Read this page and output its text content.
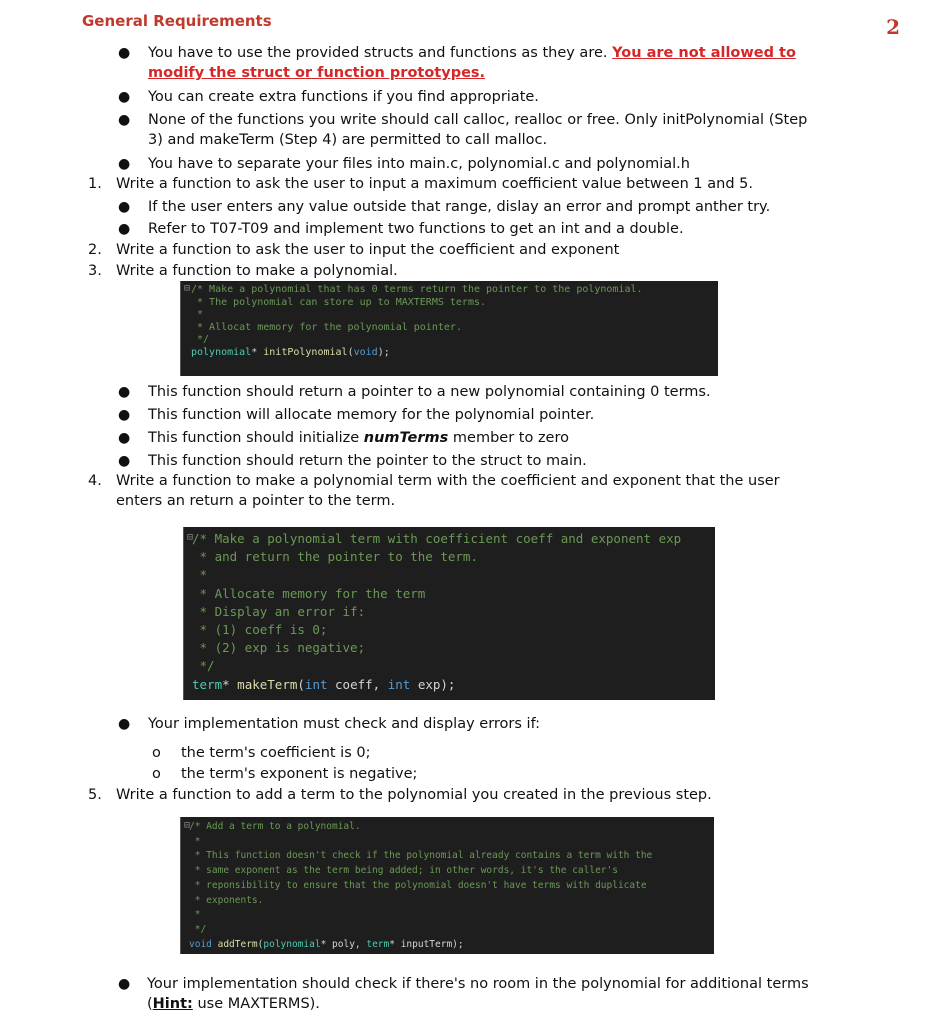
General Requirements	2
● You have to use the provided structs and functions as they are. You are not allowed to
modify the struct or function prototypes.
● You can create extra functions if you find appropriate.
● None of the functions you write should call calloc, realloc or free. Only initPolynomial (Step
3) and makeTerm (Step 4) are permitted to call malloc.
● You have to separate your files into main.c, polynomial.c and polynomial.h
1. Write a function to ask the user to input a maximum coefficient value between 1 and 5.
● If the user enters any value outside that range, dislay an error and prompt anther try.
● Refer to T07-T09 and implement two functions to get an int and a double.
2. Write a function to ask the user to input the coefficient and exponent
3. Write a function to make a polynomial.
⊟ /* Make a polynomial that has 0 terms return the pointer to the polynomial.
* The polynomial can store up to MAXTERMS terms.
*
* Allocat memory for the polynomial pointer.
*/
polynomial* initPolynomial(void);
● This function should return a pointer to a new polynomial containing 0 terms.
● This function will allocate memory for the polynomial pointer.
● This function should initialize numTerms member to zero
● This function should return the pointer to the struct to main.
4. Write a function to make a polynomial term with the coefficient and exponent that the user
enters an return a pointer to the term.
⊟
/* Make a polynomial term with coefficient coeff and exponent exp
* and return the pointer to the term.
*
* Allocate memory for the term
* Display an error if:
* (1) coeff is 0;
* (2) exp is negative;
*/
term* makeTerm(int coeff, int exp);
● Your implementation must check and display errors if:
o the term's coefficient is 0;
o the term's exponent is negative;
5. Write a function to add a term to the polynomial you created in the previous step.
⊟
/* Add a term to a polynomial.
*
* This function doesn't check if the polynomial already contains a term with the
* same exponent as the term being added; in other words, it's the caller's
* reponsibility to ensure that the polynomial doesn't have terms with duplicate
* exponents.
*
*/
void addTerm(polynomial* poly, term* inputTerm);
● Your implementation should check if there's no room in the polynomial for additional terms
(Hint: use MAXTERMS).
